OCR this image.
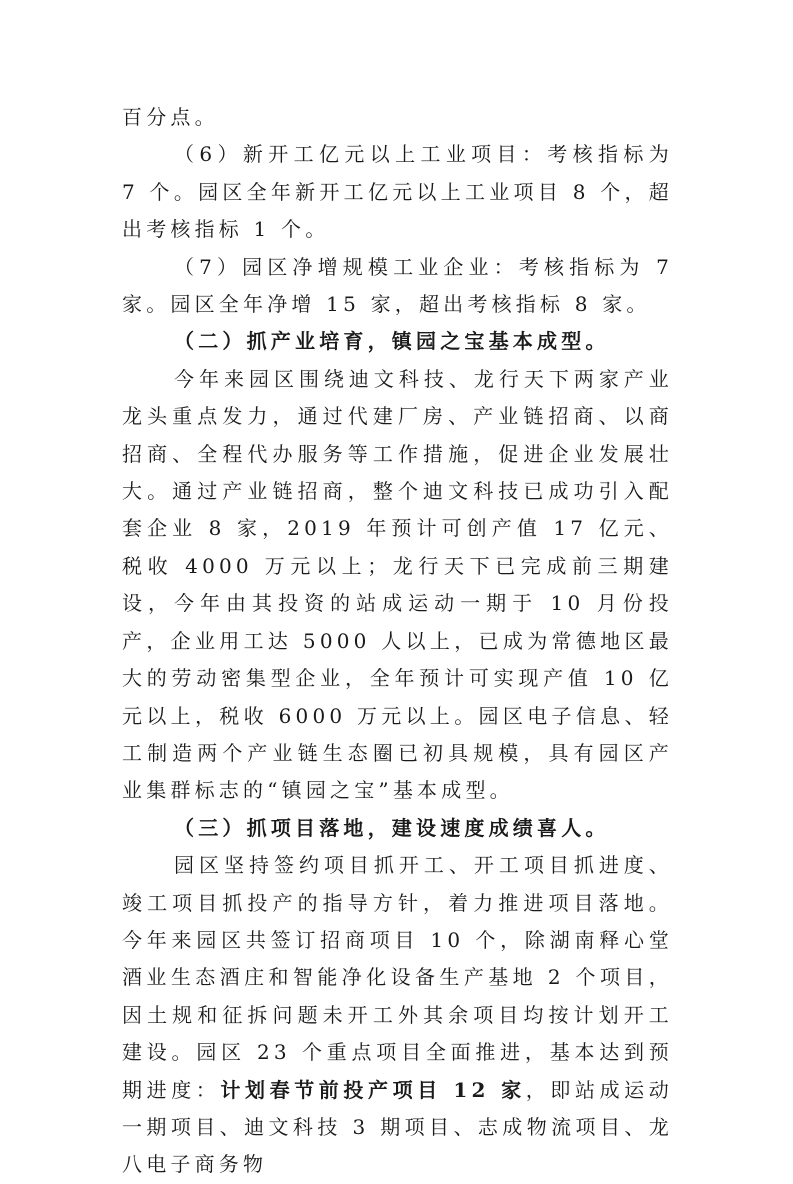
百分点。

（6）新开工亿元以上工业项目：考核指标为 7 个。园区全年新开工亿元以上工业项目 8 个，超出考核指标 1 个。

（7）园区净增规模工业企业：考核指标为 7 家。园区全年净增 15 家，超出考核指标 8 家。

（二）抓产业培育，镇园之宝基本成型。

今年来园区围绕迪文科技、龙行天下两家产业龙头重点发力，通过代建厂房、产业链招商、以商招商、全程代办服务等工作措施，促进企业发展壮大。通过产业链招商，整个迪文科技已成功引入配套企业 8 家，2019 年预计可创产值 17 亿元、税收 4000 万元以上；龙行天下已完成前三期建设，今年由其投资的站成运动一期于 10 月份投产，企业用工达 5000 人以上，已成为常德地区最大的劳动密集型企业，全年预计可实现产值 10 亿元以上，税收 6000 万元以上。园区电子信息、轻工制造两个产业链生态圈已初具规模，具有园区产业集群标志的“镇园之宝”基本成型。

（三）抓项目落地，建设速度成绩喜人。

园区坚持签约项目抓开工、开工项目抓进度、竣工项目抓投产的指导方针，着力推进项目落地。今年来园区共签订招商项目 10 个，除湖南释心堂酒业生态酒庄和智能净化设备生产基地 2 个项目，因土规和征拆问题未开工外其余项目均按计划开工建设。园区 23 个重点项目全面推进，基本达到预期进度：计划春节前投产项目 12 家，即站成运动一期项目、迪文科技 3 期项目、志成物流项目、龙八电子商务物
